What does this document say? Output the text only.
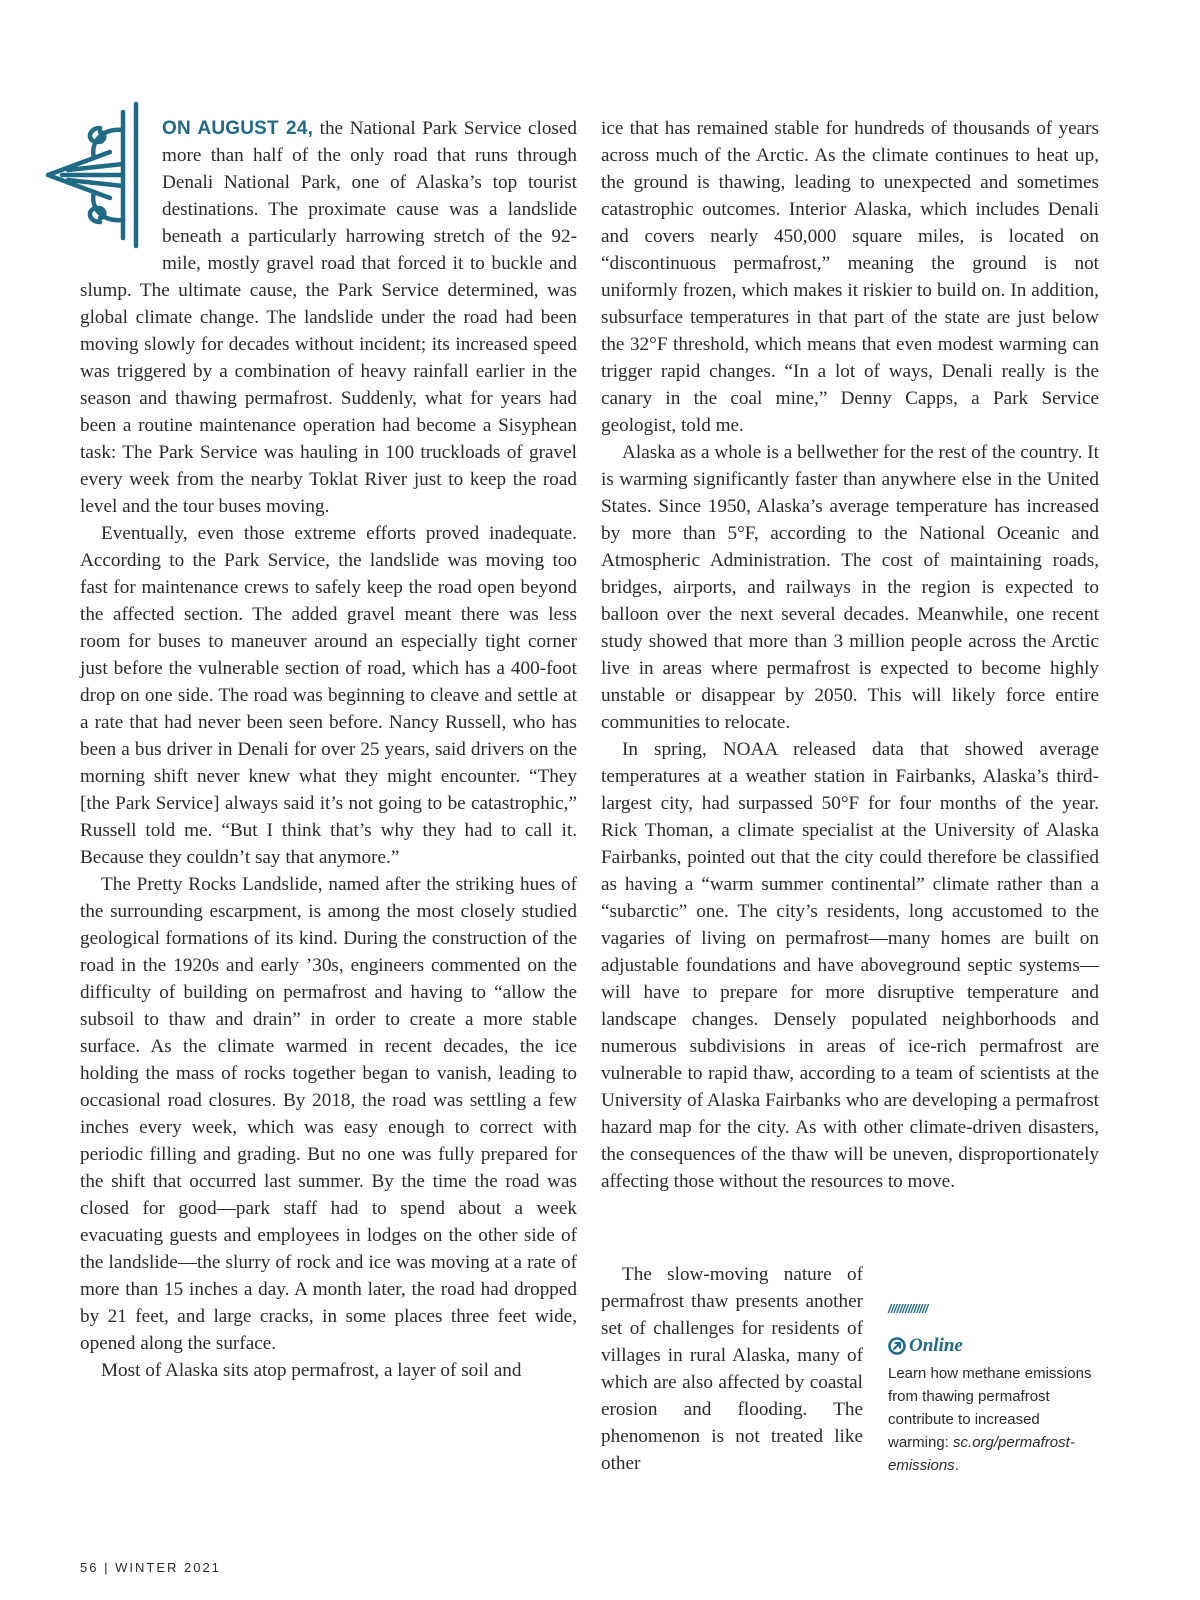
ON AUGUST 24, the National Park Service closed more than half of the only road that runs through Denali National Park, one of Alaska’s top tourist destinations. The proximate cause was a landslide beneath a particularly harrowing stretch of the 92-mile, mostly gravel road that forced it to buckle and slump. The ultimate cause, the Park Service determined, was global climate change. The landslide under the road had been moving slowly for decades without incident; its increased speed was triggered by a combination of heavy rainfall earlier in the season and thawing permafrost. Suddenly, what for years had been a routine maintenance operation had become a Sisyphean task: The Park Service was hauling in 100 truckloads of gravel every week from the nearby Toklat River just to keep the road level and the tour buses moving.

Eventually, even those extreme efforts proved inadequate. According to the Park Service, the landslide was moving too fast for maintenance crews to safely keep the road open beyond the affected section. The added gravel meant there was less room for buses to maneuver around an especially tight corner just before the vulnerable section of road, which has a 400-foot drop on one side. The road was beginning to cleave and settle at a rate that had never been seen before. Nancy Russell, who has been a bus driver in Denali for over 25 years, said drivers on the morning shift never knew what they might encounter. “They [the Park Service] always said it’s not going to be catastrophic,” Russell told me. “But I think that’s why they had to call it. Because they couldn’t say that anymore.”

The Pretty Rocks Landslide, named after the striking hues of the surrounding escarpment, is among the most closely studied geological formations of its kind. During the construction of the road in the 1920s and early ’30s, engineers commented on the difficulty of building on permafrost and having to “allow the subsoil to thaw and drain” in order to create a more stable surface. As the climate warmed in recent decades, the ice holding the mass of rocks together began to vanish, leading to occasional road closures. By 2018, the road was settling a few inches every week, which was easy enough to correct with periodic filling and grading. But no one was fully prepared for the shift that occurred last summer. By the time the road was closed for good—park staff had to spend about a week evacuating guests and employees in lodges on the other side of the landslide—the slurry of rock and ice was moving at a rate of more than 15 inches a day. A month later, the road had dropped by 21 feet, and large cracks, in some places three feet wide, opened along the surface.

Most of Alaska sits atop permafrost, a layer of soil and

ice that has remained stable for hundreds of thousands of years across much of the Arctic. As the climate continues to heat up, the ground is thawing, leading to unexpected and sometimes catastrophic outcomes. Interior Alaska, which includes Denali and covers nearly 450,000 square miles, is located on “discontinuous permafrost,” meaning the ground is not uniformly frozen, which makes it riskier to build on. In addition, subsurface temperatures in that part of the state are just below the 32°F threshold, which means that even modest warming can trigger rapid changes. “In a lot of ways, Denali really is the canary in the coal mine,” Denny Capps, a Park Service geologist, told me.

Alaska as a whole is a bellwether for the rest of the country. It is warming significantly faster than anywhere else in the United States. Since 1950, Alaska’s average temperature has increased by more than 5°F, according to the National Oceanic and Atmospheric Administration. The cost of maintaining roads, bridges, airports, and railways in the region is expected to balloon over the next several decades. Meanwhile, one recent study showed that more than 3 million people across the Arctic live in areas where permafrost is expected to become highly unstable or disappear by 2050. This will likely force entire communities to relocate.

In spring, NOAA released data that showed average temperatures at a weather station in Fairbanks, Alaska’s third-largest city, had surpassed 50°F for four months of the year. Rick Thoman, a climate specialist at the University of Alaska Fairbanks, pointed out that the city could therefore be classified as having a “warm summer continental” climate rather than a “subarctic” one. The city’s residents, long accustomed to the vagaries of living on permafrost—many homes are built on adjustable foundations and have aboveground septic systems—will have to prepare for more disruptive temperature and landscape changes. Densely populated neighborhoods and numerous subdivisions in areas of ice-rich permafrost are vulnerable to rapid thaw, according to a team of scientists at the University of Alaska Fairbanks who are developing a permafrost hazard map for the city. As with other climate-driven disasters, the consequences of the thaw will be uneven, disproportionately affecting those without the resources to move.

The slow-moving nature of permafrost thaw presents another set of challenges for residents of villages in rural Alaska, many of which are also affected by coastal erosion and flooding. The phenomenon is not treated like other

//////////////
Online
Learn how methane emissions from thawing permafrost contribute to increased warming: sc.org/permafrost-emissions.
56 | WINTER 2021
